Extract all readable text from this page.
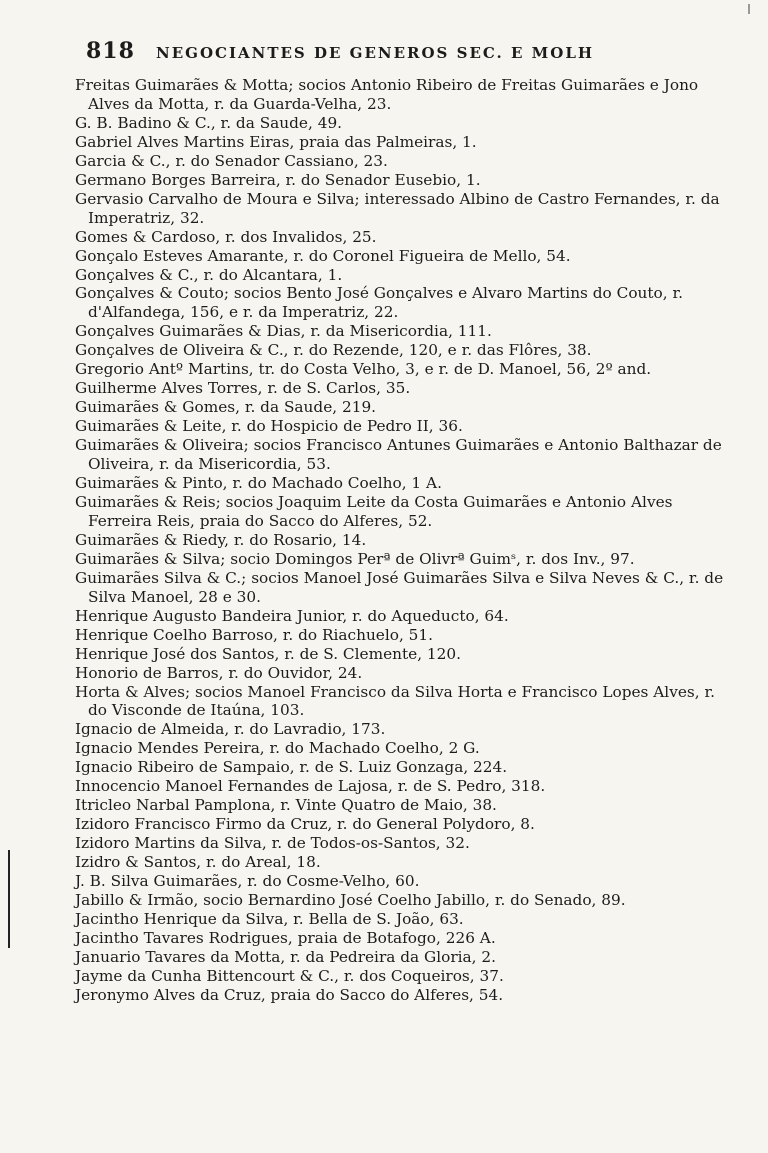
818	NEGOCIANTES DE GENEROS SEC. E MOLH
Freitas Guimarães & Motta; socios Antonio Ribeiro de Freitas Guimarães e Jono Alves da Motta, r. da Guarda-Velha, 23.
G. B. Badino & C., r. da Saude, 49.
Gabriel Alves Martins Eiras, praia das Palmeiras, 1.
Garcia & C., r. do Senador Cassiano, 23.
Germano Borges Barreira, r. do Senador Eusebio, 1.
Gervasio Carvalho de Moura e Silva; interessado Albino de Castro Fernandes, r. da Imperatriz, 32.
Gomes & Cardoso, r. dos Invalidos, 25.
Gonçalo Esteves Amarante, r. do Coronel Figueira de Mello, 54.
Gonçalves & C., r. do Alcantara, 1.
Gonçalves & Couto; socios Bento José Gonçalves e Alvaro Martins do Couto, r. d'Alfandega, 156, e r. da Imperatriz, 22.
Gonçalves Guimarães & Dias, r. da Misericordia, 111.
Gonçalves de Oliveira & C., r. do Rezende, 120, e r. das Flôres, 38.
Gregorio Antº Martins, tr. do Costa Velho, 3, e r. de D. Manoel, 56, 2º and.
Guilherme Alves Torres, r. de S. Carlos, 35.
Guimarães & Gomes, r. da Saude, 219.
Guimarães & Leite, r. do Hospicio de Pedro II, 36.
Guimarães & Oliveira; socios Francisco Antunes Guimarães e Antonio Balthazar de Oliveira, r. da Misericordia, 53.
Guimarães & Pinto, r. do Machado Coelho, 1 A.
Guimarães & Reis; socios Joaquim Leite da Costa Guimarães e Antonio Alves Ferreira Reis, praia do Sacco do Alferes, 52.
Guimarães & Riedy, r. do Rosario, 14.
Guimarães & Silva; socio Domingos Perª de Olivrª Guimˢ, r. dos Inv., 97.
Guimarães Silva & C.; socios Manoel José Guimarães Silva e Silva Neves & C., r. de Silva Manoel, 28 e 30.
Henrique Augusto Bandeira Junior, r. do Aqueducto, 64.
Henrique Coelho Barroso, r. do Riachuelo, 51.
Henrique José dos Santos, r. de S. Clemente, 120.
Honorio de Barros, r. do Ouvidor, 24.
Horta & Alves; socios Manoel Francisco da Silva Horta e Francisco Lopes Alves, r. do Visconde de Itaúna, 103.
Ignacio de Almeida, r. do Lavradio, 173.
Ignacio Mendes Pereira, r. do Machado Coelho, 2 G.
Ignacio Ribeiro de Sampaio, r. de S. Luiz Gonzaga, 224.
Innocencio Manoel Fernandes de Lajosa, r. de S. Pedro, 318.
Itricleo Narbal Pamplona, r. Vinte Quatro de Maio, 38.
Izidoro Francisco Firmo da Cruz, r. do General Polydoro, 8.
Izidoro Martins da Silva, r. de Todos-os-Santos, 32.
Izidro & Santos, r. do Areal, 18.
J. B. Silva Guimarães, r. do Cosme-Velho, 60.
Jabillo & Irmão, socio Bernardino José Coelho Jabillo, r. do Senado, 89.
Jacintho Henrique da Silva, r. Bella de S. João, 63.
Jacintho Tavares Rodrigues, praia de Botafogo, 226 A.
Januario Tavares da Motta, r. da Pedreira da Gloria, 2.
Jayme da Cunha Bittencourt & C., r. dos Coqueiros, 37.
Jeronymo Alves da Cruz, praia do Sacco do Alferes, 54.
